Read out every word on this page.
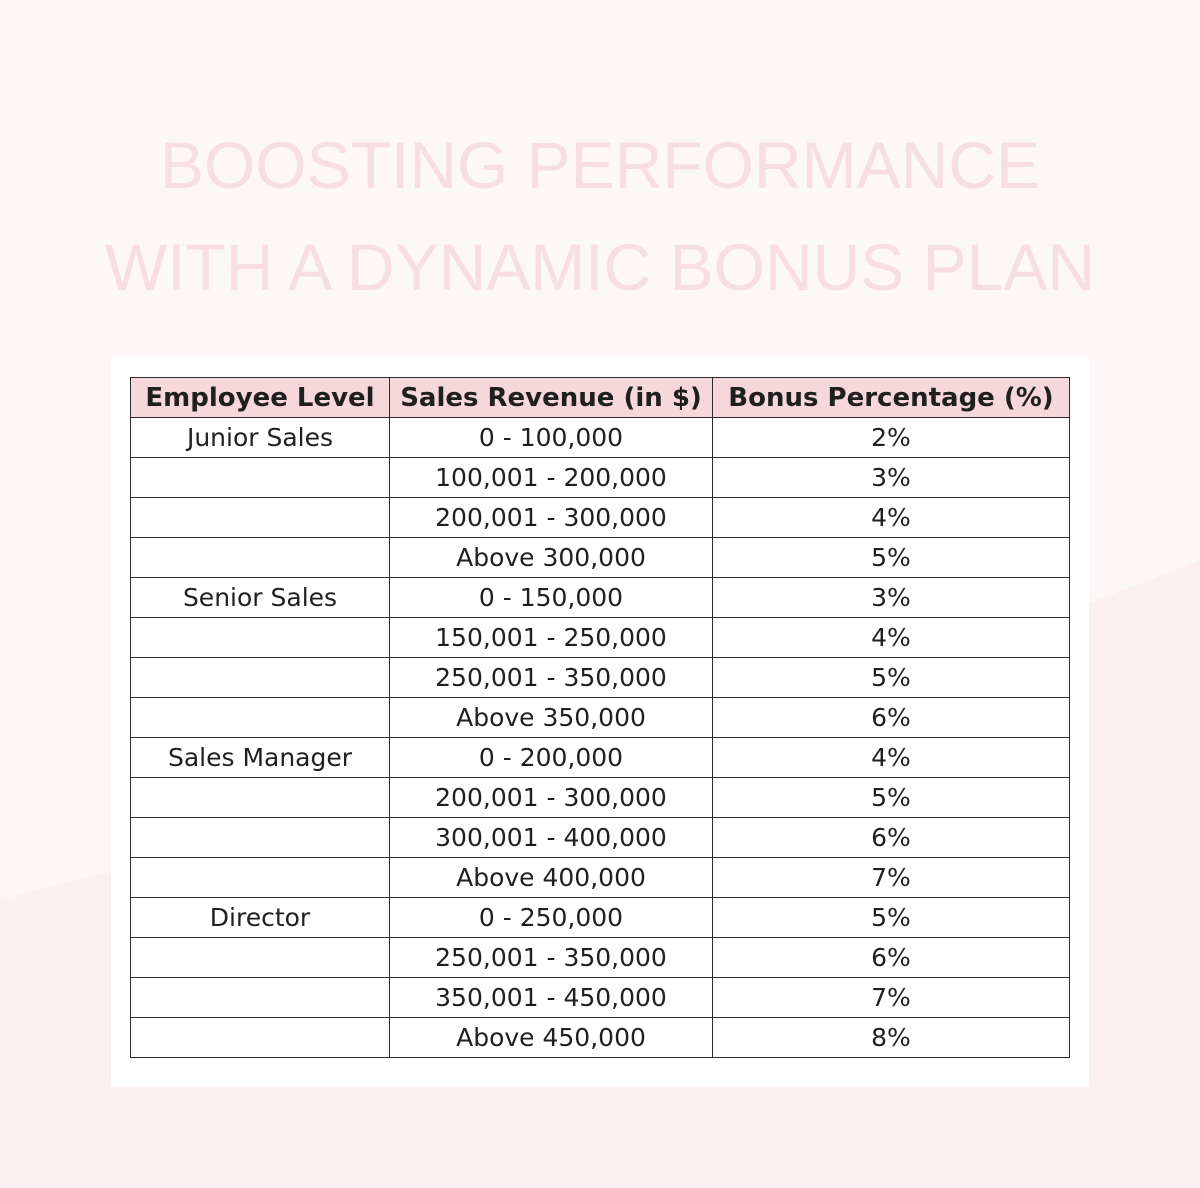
BOOSTING PERFORMANCE
WITH A DYNAMIC BONUS PLAN
Employee Level	Sales Revenue (in $)	Bonus Percentage (%)
Junior Sales	0 - 100,000	2%
	100,001 - 200,000	3%
	200,001 - 300,000	4%
	Above 300,000	5%
Senior Sales	0 - 150,000	3%
	150,001 - 250,000	4%
	250,001 - 350,000	5%
	Above 350,000	6%
Sales Manager	0 - 200,000	4%
	200,001 - 300,000	5%
	300,001 - 400,000	6%
	Above 400,000	7%
Director	0 - 250,000	5%
	250,001 - 350,000	6%
	350,001 - 450,000	7%
	Above 450,000	8%
